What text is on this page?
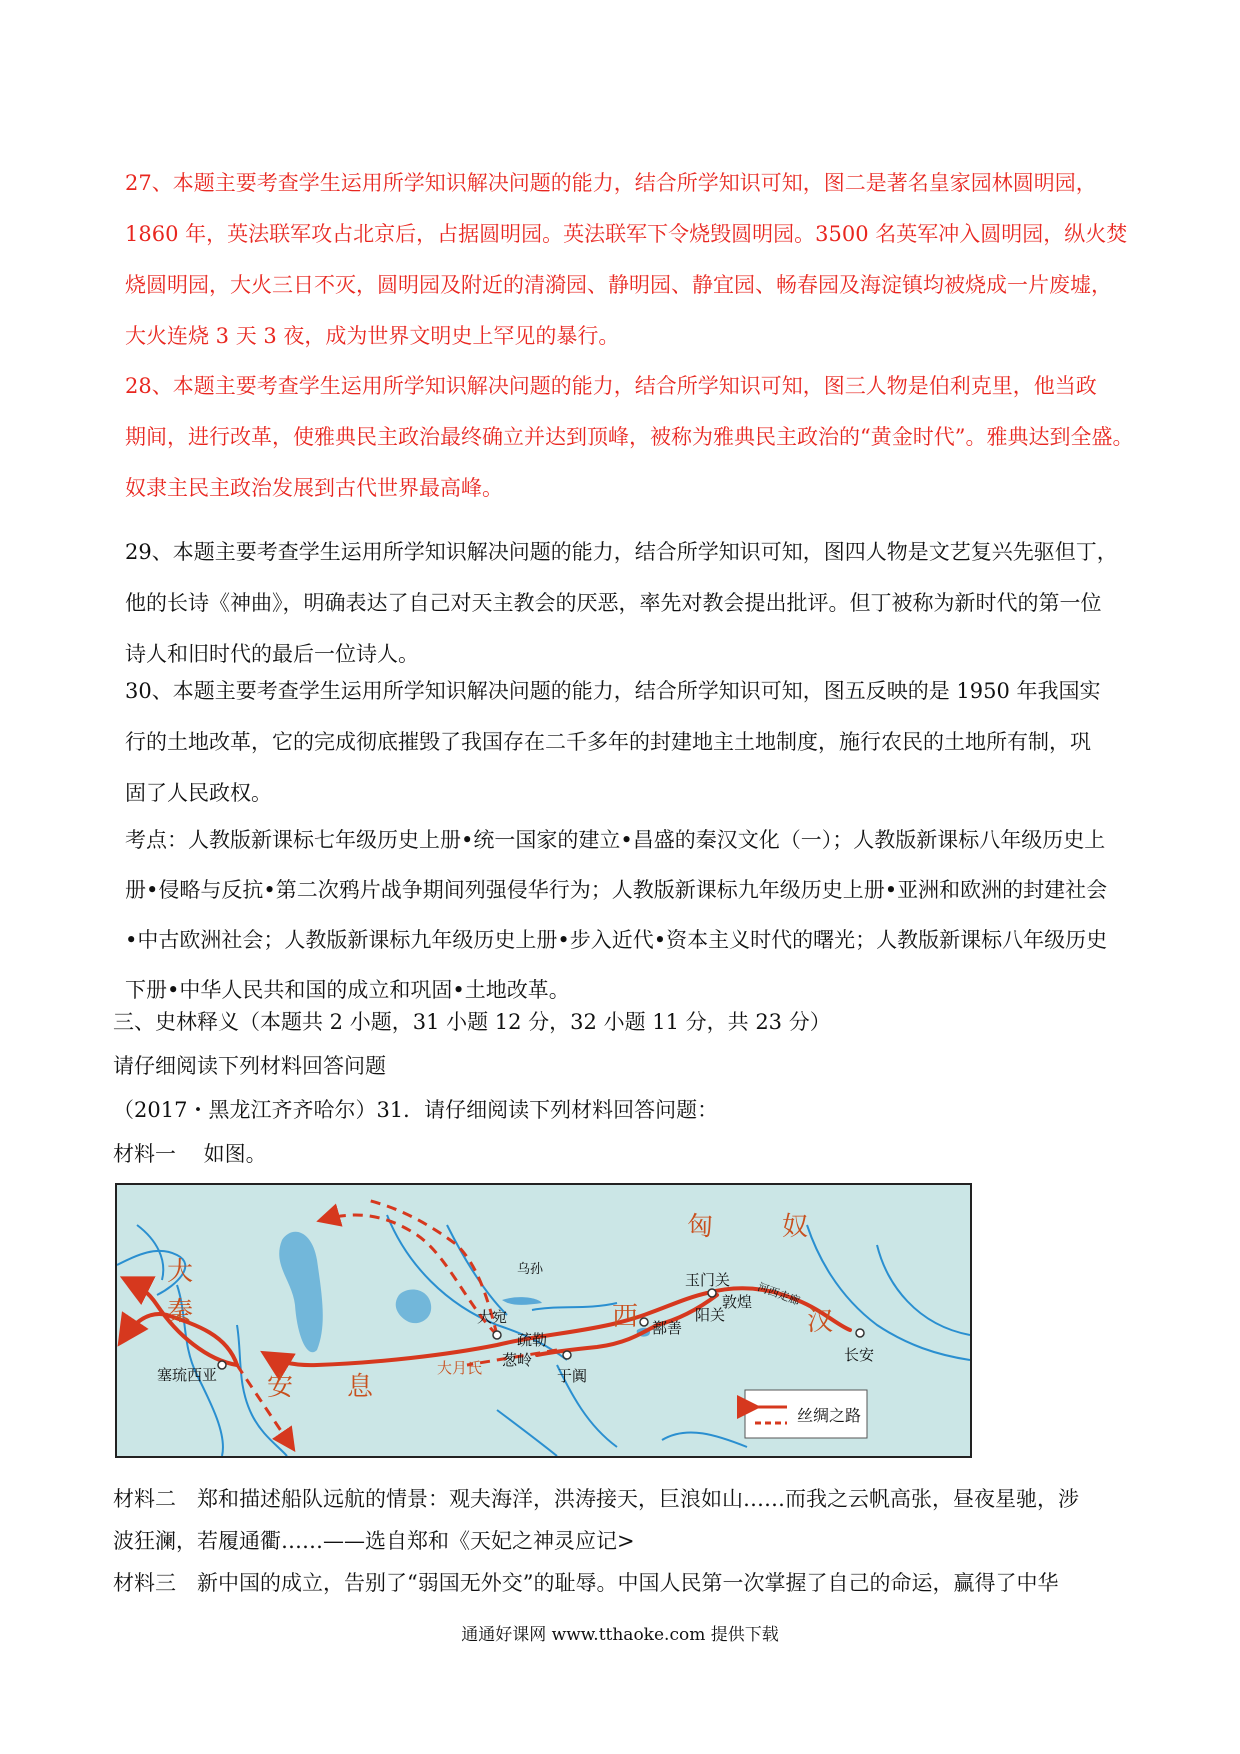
27、本题主要考查学生运用所学知识解决问题的能力，结合所学知识可知，图二是著名皇家园林圆明园，

1860 年，英法联军攻占北京后，占据圆明园。英法联军下令烧毁圆明园。3500 名英军冲入圆明园，纵火焚

烧圆明园，大火三日不灭，圆明园及附近的清漪园、静明园、静宜园、畅春园及海淀镇均被烧成一片废墟，

大火连烧 3 天 3 夜，成为世界文明史上罕见的暴行。

28、本题主要考查学生运用所学知识解决问题的能力，结合所学知识可知，图三人物是伯利克里，他当政

期间，进行改革，使雅典民主政治最终确立并达到顶峰，被称为雅典民主政治的“黄金时代”。雅典达到全盛。

奴隶主民主政治发展到古代世界最高峰。

29、本题主要考查学生运用所学知识解决问题的能力，结合所学知识可知，图四人物是文艺复兴先驱但丁，

他的长诗《神曲》，明确表达了自己对天主教会的厌恶，率先对教会提出批评。但丁被称为新时代的第一位

诗人和旧时代的最后一位诗人。

30、本题主要考查学生运用所学知识解决问题的能力，结合所学知识可知，图五反映的是 1950 年我国实

行的土地改革，它的完成彻底摧毁了我国存在二千多年的封建地主土地制度，施行农民的土地所有制，巩

固了人民政权。

考点：人教版新课标七年级历史上册•统一国家的建立•昌盛的秦汉文化（一）；人教版新课标八年级历史上

册•侵略与反抗•第二次鸦片战争期间列强侵华行为；人教版新课标九年级历史上册•亚洲和欧洲的封建社会

•中古欧洲社会；人教版新课标九年级历史上册•步入近代•资本主义时代的曙光；人教版新课标八年级历史

下册•中华人民共和国的成立和巩固•土地改革。

三、史林释义（本题共 2 小题，31 小题 12 分，32 小题 11 分，共 23 分）

请仔细阅读下列材料回答问题

（2017・黑龙江齐齐哈尔）31．请仔细阅读下列材料回答问题：

材料一　 如图。

匈	奴
大
秦
安 息
西	汉
玉门关
敦煌
阳关
鄯善
河西走廊
长安
大宛
疏勒
葱岭
大月氏	于阗
塞琉西亚
乌孙
丝绸之路

材料二　郑和描述船队远航的情景：观夫海洋，洪涛接天，巨浪如山……而我之云帆高张，昼夜星驰，涉

波狂澜，若履通衢……——选自郑和《天妃之神灵应记>

材料三　新中国的成立，告别了“弱国无外交”的耻辱。中国人民第一次掌握了自己的命运，赢得了中华

通通好课网 www.tthaoke.com 提供下载
